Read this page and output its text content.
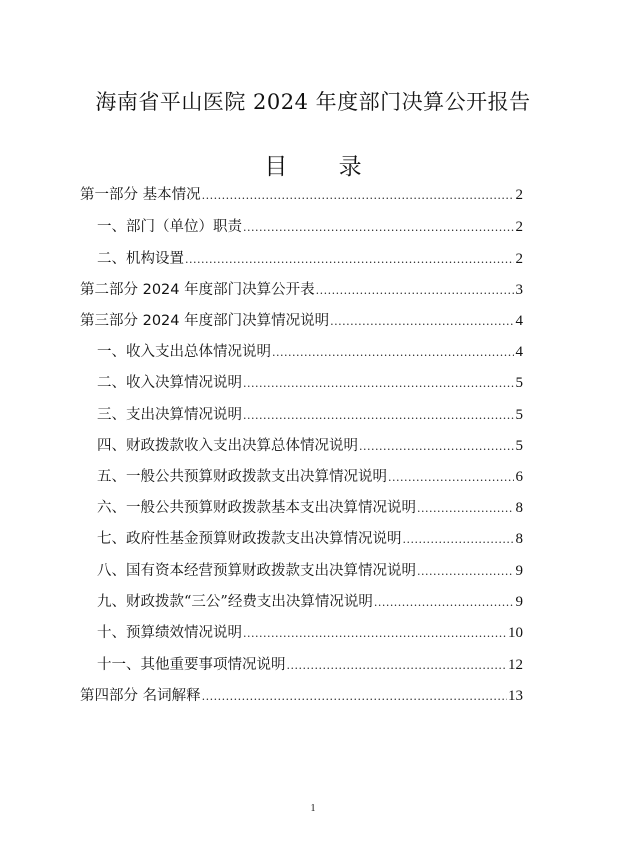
海南省平山医院 2024 年度部门决算公开报告
目 录
第一部分 基本情况 .....	2
一、部门（单位）职责 .....	2
二、机构设置 .....	2
第二部分 2024 年度部门决算公开表 .....	3
第三部分 2024 年度部门决算情况说明 .....	4
一、收入支出总体情况说明 .....	4
二、收入决算情况说明 .....	5
三、支出决算情况说明 .....	5
四、财政拨款收入支出决算总体情况说明 .....	5
五、一般公共预算财政拨款支出决算情况说明 .....	6
六、一般公共预算财政拨款基本支出决算情况说明 .....	8
七、政府性基金预算财政拨款支出决算情况说明 .....	8
八、国有资本经营预算财政拨款支出决算情况说明 .....	9
九、财政拨款“三公”经费支出决算情况说明 .....	9
十、预算绩效情况说明 .....	10
十一、其他重要事项情况说明 .....	12
第四部分 名词解释 .....	13
1
